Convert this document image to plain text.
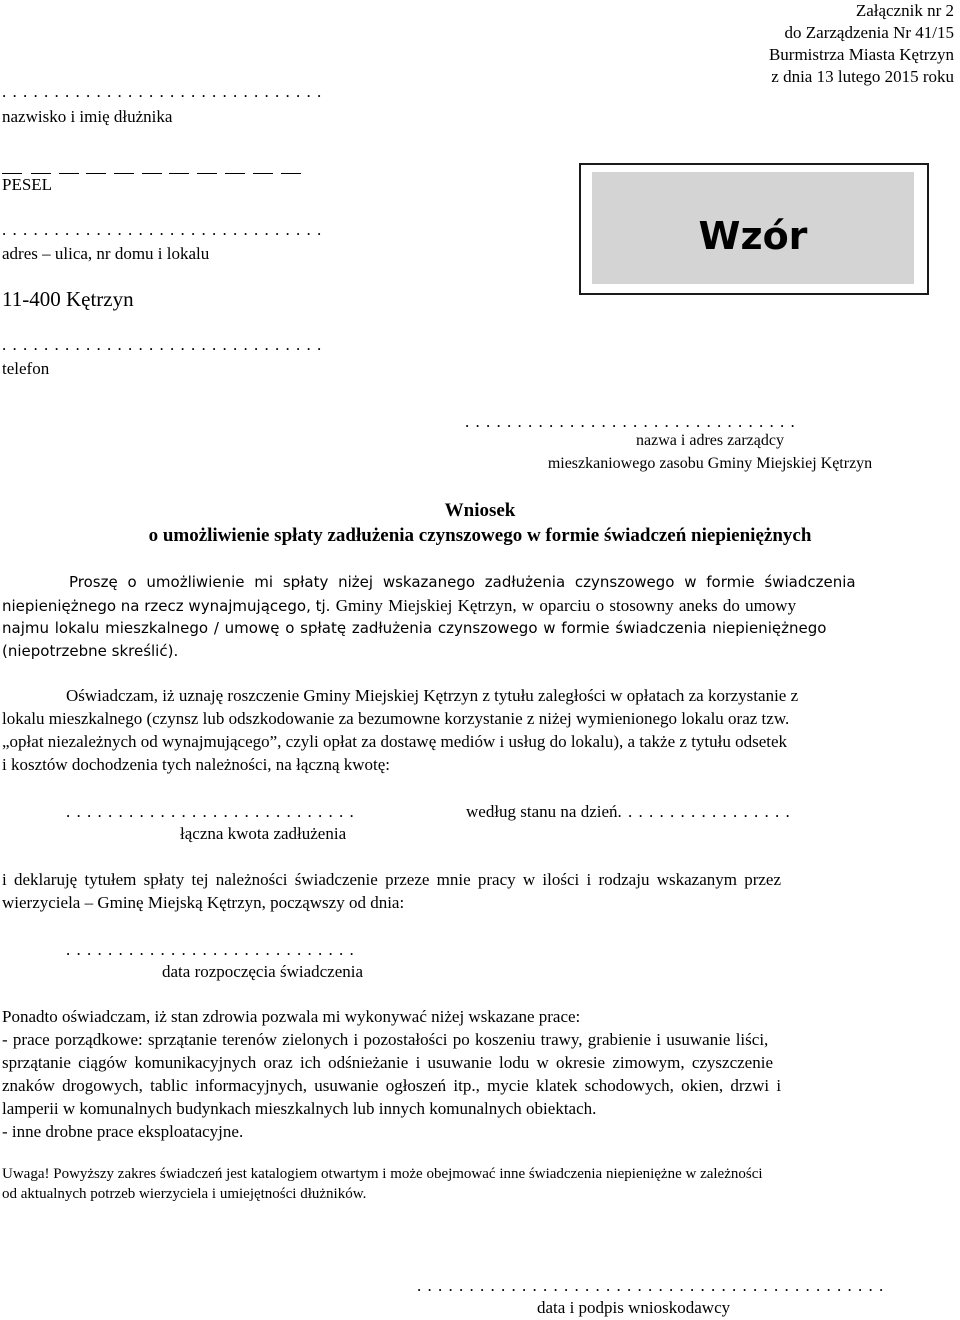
Załącznik nr 2
do Zarządzenia Nr 41/15
Burmistrza Miasta Kętrzyn
z dnia 13 lutego 2015 roku
. . . . . . . . . . . . . . . . . . . . . . . . . . . . . . .
nazwisko i imię dłużnika
PESEL
. . . . . . . . . . . . . . . . . . . . . . . . . . . . . . .
adres – ulica, nr domu i lokalu
11-400 Kętrzyn
. . . . . . . . . . . . . . . . . . . . . . . . . . . . . . .
telefon
Wzór
. . . . . . . . . . . . . . . . . . . . . . . . . . . . . . . .
nazwa i adres zarządcy
mieszkaniowego zasobu Gminy Miejskiej Kętrzyn
Wniosek
o umożliwienie spłaty zadłużenia czynszowego w formie świadczeń niepieniężnych
Proszę o umożliwienie mi spłaty niżej wskazanego zadłużenia czynszowego w formie świadczenia
niepieniężnego na rzecz wynajmującego, tj. Gminy Miejskiej Kętrzyn, w oparciu o stosowny aneks do umowy
najmu lokalu mieszkalnego / umowę o spłatę zadłużenia czynszowego w formie świadczenia niepieniężnego
(niepotrzebne skreślić).
Oświadczam, iż uznaję roszczenie Gminy Miejskiej Kętrzyn z tytułu zaległości w opłatach za korzystanie z
lokalu mieszkalnego (czynsz lub odszkodowanie za bezumowne korzystanie z niżej wymienionego lokalu oraz tzw.
„opłat niezależnych od wynajmującego”, czyli opłat za dostawę mediów i usług do lokalu), a także z tytułu odsetek
i kosztów dochodzenia tych należności, na łączną kwotę:
. . . . . . . . . . . . . . . . . . . . . . . . . . . .
łączna kwota zadłużenia
według stanu na dzień. . . . . . . . . . . . . . . . .
i deklaruję tytułem spłaty tej należności świadczenie przeze mnie pracy w ilości i rodzaju wskazanym przez
wierzyciela – Gminę Miejską Kętrzyn, począwszy od dnia:
. . . . . . . . . . . . . . . . . . . . . . . . . . . .
data rozpoczęcia świadczenia
Ponadto oświadczam, iż stan zdrowia pozwala mi wykonywać niżej wskazane prace:
- prace porządkowe: sprzątanie terenów zielonych i pozostałości po koszeniu trawy, grabienie i usuwanie liści,
sprzątanie ciągów komunikacyjnych oraz ich odśnieżanie i usuwanie lodu w okresie zimowym, czyszczenie
znaków drogowych, tablic informacyjnych, usuwanie ogłoszeń itp., mycie klatek schodowych, okien, drzwi i
lamperii w komunalnych budynkach mieszkalnych lub innych komunalnych obiektach.
- inne drobne prace eksploatacyjne.
Uwaga! Powyższy zakres świadczeń jest katalogiem otwartym i może obejmować inne świadczenia niepieniężne w zależności
od aktualnych potrzeb wierzyciela i umiejętności dłużników.
. . . . . . . . . . . . . . . . . . . . . . . . . . . . . . . . . . . . . . . . . . . . .
data i podpis wnioskodawcy
